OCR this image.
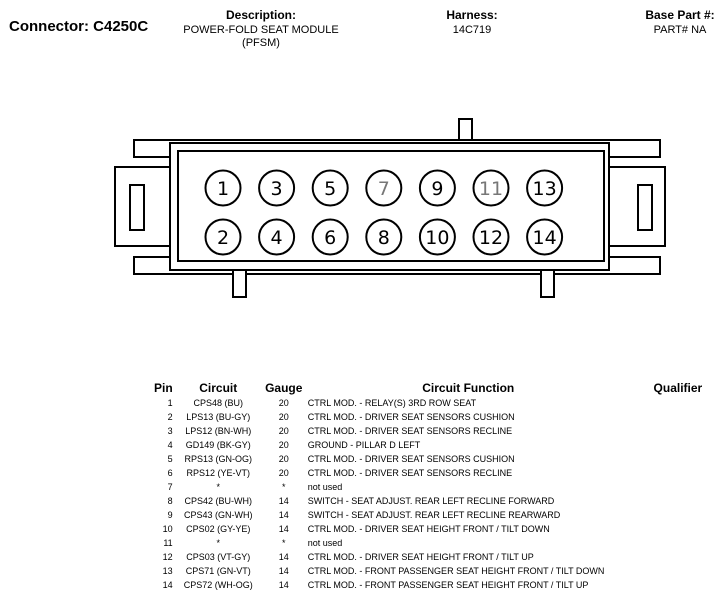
Connector: C4250C
Description:
POWER-FOLD SEAT MODULE
(PFSM)
Harness:
14C719
Base Part #:
PART# NA
1 3 5 7 9 11 13
2 4 6 8 10 12 14
Pin	Circuit	Gauge	Circuit Function	Qualifier
1	CPS48 (BU)	20	CTRL MOD. - RELAY(S) 3RD ROW SEAT	
2	LPS13 (BU-GY)	20	CTRL MOD. - DRIVER SEAT SENSORS CUSHION	
3	LPS12 (BN-WH)	20	CTRL MOD. - DRIVER SEAT SENSORS RECLINE	
4	GD149 (BK-GY)	20	GROUND - PILLAR D LEFT	
5	RPS13 (GN-OG)	20	CTRL MOD. - DRIVER SEAT SENSORS CUSHION	
6	RPS12 (YE-VT)	20	CTRL MOD. - DRIVER SEAT SENSORS RECLINE	
7	*	*	not used	
8	CPS42 (BU-WH)	14	SWITCH - SEAT ADJUST. REAR LEFT RECLINE FORWARD	
9	CPS43 (GN-WH)	14	SWITCH - SEAT ADJUST. REAR LEFT RECLINE REARWARD	
10	CPS02 (GY-YE)	14	CTRL MOD. - DRIVER SEAT HEIGHT FRONT / TILT DOWN	
11	*	*	not used	
12	CPS03 (VT-GY)	14	CTRL MOD. - DRIVER SEAT HEIGHT FRONT / TILT UP	
13	CPS71 (GN-VT)	14	CTRL MOD. - FRONT PASSENGER SEAT HEIGHT FRONT / TILT DOWN	
14	CPS72 (WH-OG)	14	CTRL MOD. - FRONT PASSENGER SEAT HEIGHT FRONT / TILT UP	
